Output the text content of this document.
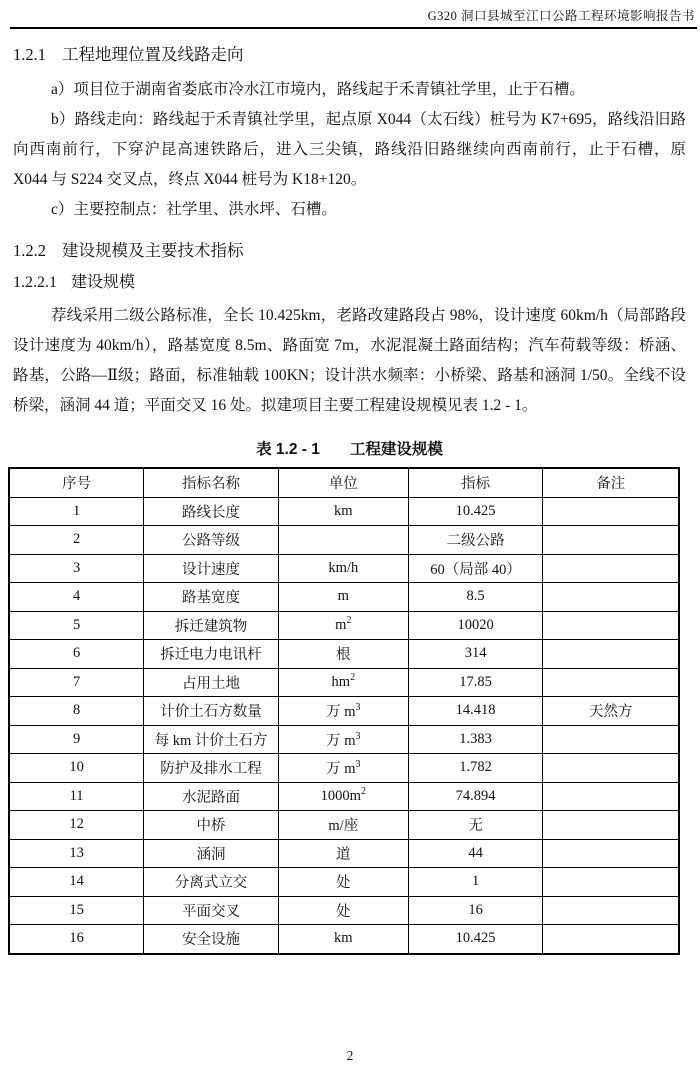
G320 洞口县城至江口公路工程环境影响报告书
1.2.1 工程地理位置及线路走向

a）项目位于湖南省娄底市冷水江市境内，路线起于禾青镇社学里，止于石槽。

b）路线走向：路线起于禾青镇社学里，起点原 X044（太石线）桩号为 K7+695，路线沿旧路向西南前行，下穿沪昆高速铁路后，进入三尖镇，路线沿旧路继续向西南前行，止于石槽，原 X044 与 S224 交叉点，终点 X044 桩号为 K18+120。

c）主要控制点：社学里、洪水坪、石槽。

1.2.2 建设规模及主要技术指标
1.2.2.1 建设规模

荐线采用二级公路标准，全长 10.425km，老路改建路段占 98%，设计速度 60km/h（局部路段设计速度为 40km/h），路基宽度 8.5m、路面宽 7m，水泥混凝土路面结构；汽车荷载等级：桥涵、路基，公路—Ⅱ级；路面，标准轴载 100KN；设计洪水频率：小桥梁、路基和涵洞 1/50。全线不设桥梁，涵洞 44 道；平面交叉 16 处。拟建项目主要工程建设规模见表 1.2 - 1。

表 1.2 - 1 工程建设规模
序号	指标名称	单位	指标	备注
1	路线长度	km	10.425	
2	公路等级		二级公路	
3	设计速度	km/h	60（局部 40）	
4	路基宽度	m	8.5	
5	拆迁建筑物	$m^2$	10020	
6	拆迁电力电讯杆	根	314	
7	占用土地	$hm^2$	17.85	
8	计价土石方数量	万 $m^3$	14.418	天然方
9	每 km 计价土石方	万 $m^3$	1.383	
10	防护及排水工程	万 $m^3$	1.782	
11	水泥路面	$1000m^2$	74.894	
12	中桥	m/座	无	
13	涵洞	道	44	
14	分离式立交	处	1	
15	平面交叉	处	16	
16	安全设施	km	10.425	
2
